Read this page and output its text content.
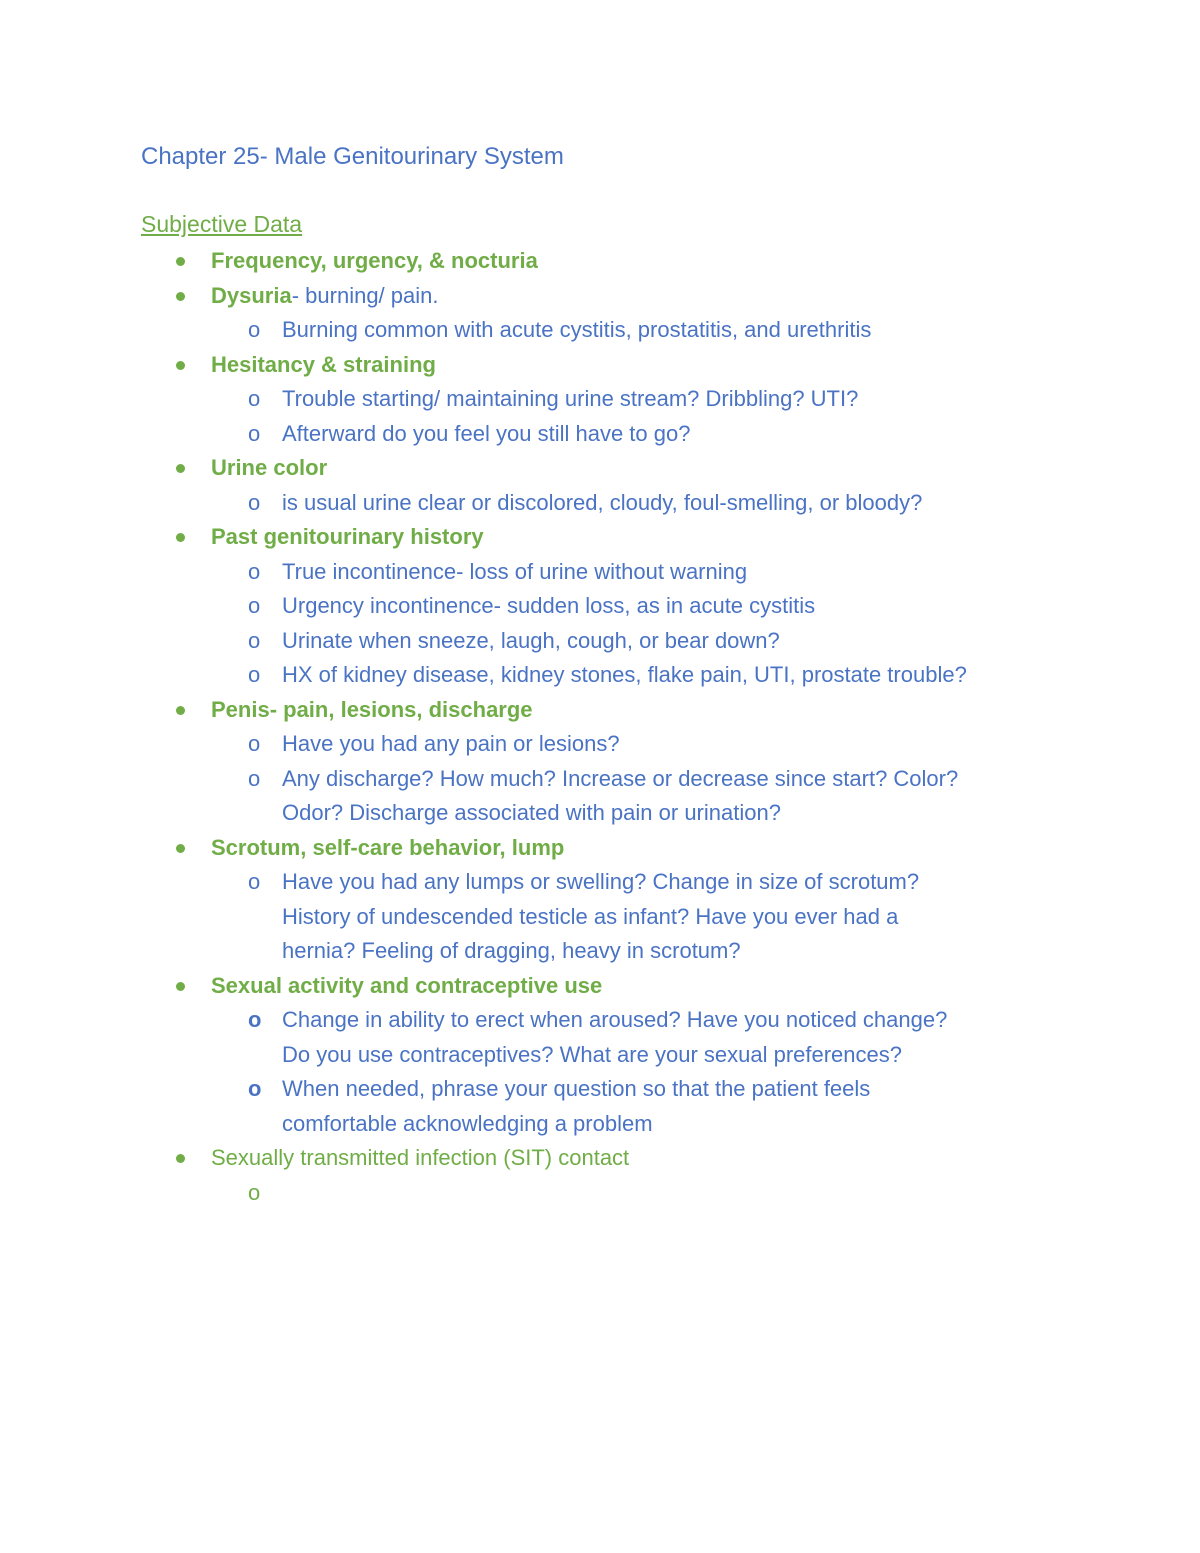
Chapter 25- Male Genitourinary System
Subjective Data
Frequency, urgency, & nocturia
Dysuria- burning/ pain.
o Burning common with acute cystitis, prostatitis, and urethritis
Hesitancy & straining
o Trouble starting/ maintaining urine stream? Dribbling? UTI?
o Afterward do you feel you still have to go?
Urine color
o is usual urine clear or discolored, cloudy, foul-smelling, or bloody?
Past genitourinary history
o True incontinence- loss of urine without warning
o Urgency incontinence- sudden loss, as in acute cystitis
o Urinate when sneeze, laugh, cough, or bear down?
o HX of kidney disease, kidney stones, flake pain, UTI, prostate trouble?
Penis- pain, lesions, discharge
o Have you had any pain or lesions?
o Any discharge? How much? Increase or decrease since start? Color?
Odor? Discharge associated with pain or urination?
Scrotum, self-care behavior, lump
o Have you had any lumps or swelling? Change in size of scrotum?
History of undescended testicle as infant? Have you ever had a
hernia? Feeling of dragging, heavy in scrotum?
Sexual activity and contraceptive use
o Change in ability to erect when aroused? Have you noticed change?
Do you use contraceptives? What are your sexual preferences?
o When needed, phrase your question so that the patient feels
comfortable acknowledging a problem
Sexually transmitted infection (SIT) contact
o
